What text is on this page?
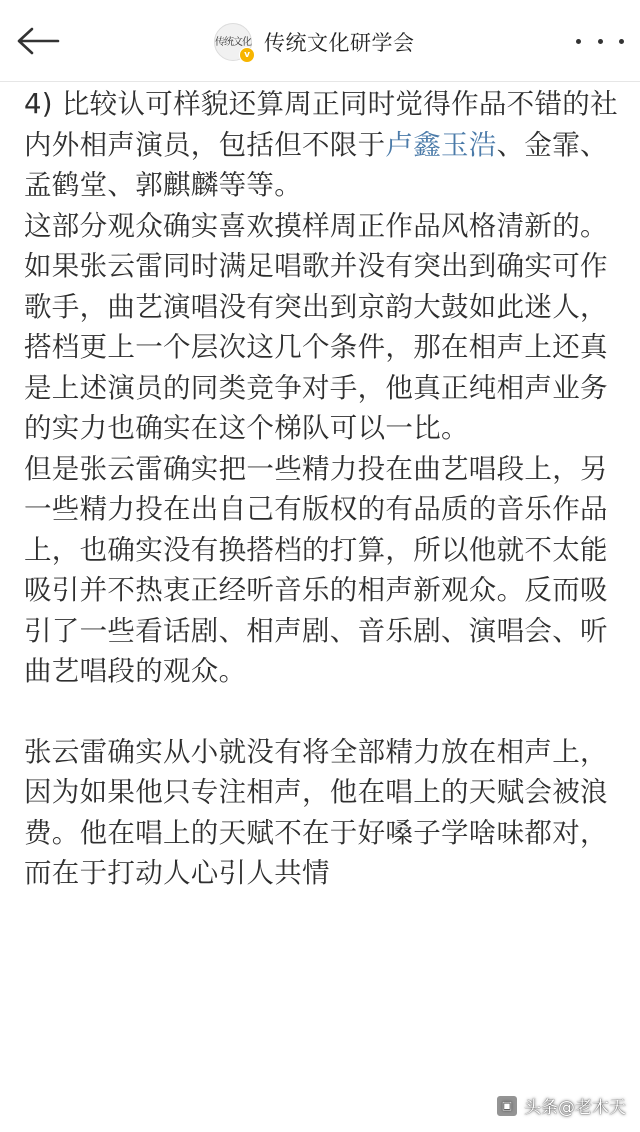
传统文化
v 传统文化研学会

4) 比较认可样貌还算周正同时觉得作品不错的社内外相声演员，包括但不限于卢鑫玉浩、金霏、孟鹤堂、郭麒麟等等。

这部分观众确实喜欢摸样周正作品风格清新的。

如果张云雷同时满足唱歌并没有突出到确实可作歌手，曲艺演唱没有突出到京韵大鼓如此迷人，搭档更上一个层次这几个条件，那在相声上还真是上述演员的同类竞争对手，他真正纯相声业务的实力也确实在这个梯队可以一比。

但是张云雷确实把一些精力投在曲艺唱段上，另一些精力投在出自己有版权的有品质的音乐作品上，也确实没有换搭档的打算，所以他就不太能吸引并不热衷正经听音乐的相声新观众。反而吸引了一些看话剧、相声剧、音乐剧、演唱会、听曲艺唱段的观众。

张云雷确实从小就没有将全部精力放在相声上，因为如果他只专注相声，他在唱上的天赋会被浪费。他在唱上的天赋不在于好嗓子学啥味都对，而在于打动人心引人共情

▣ 头条@老木天
